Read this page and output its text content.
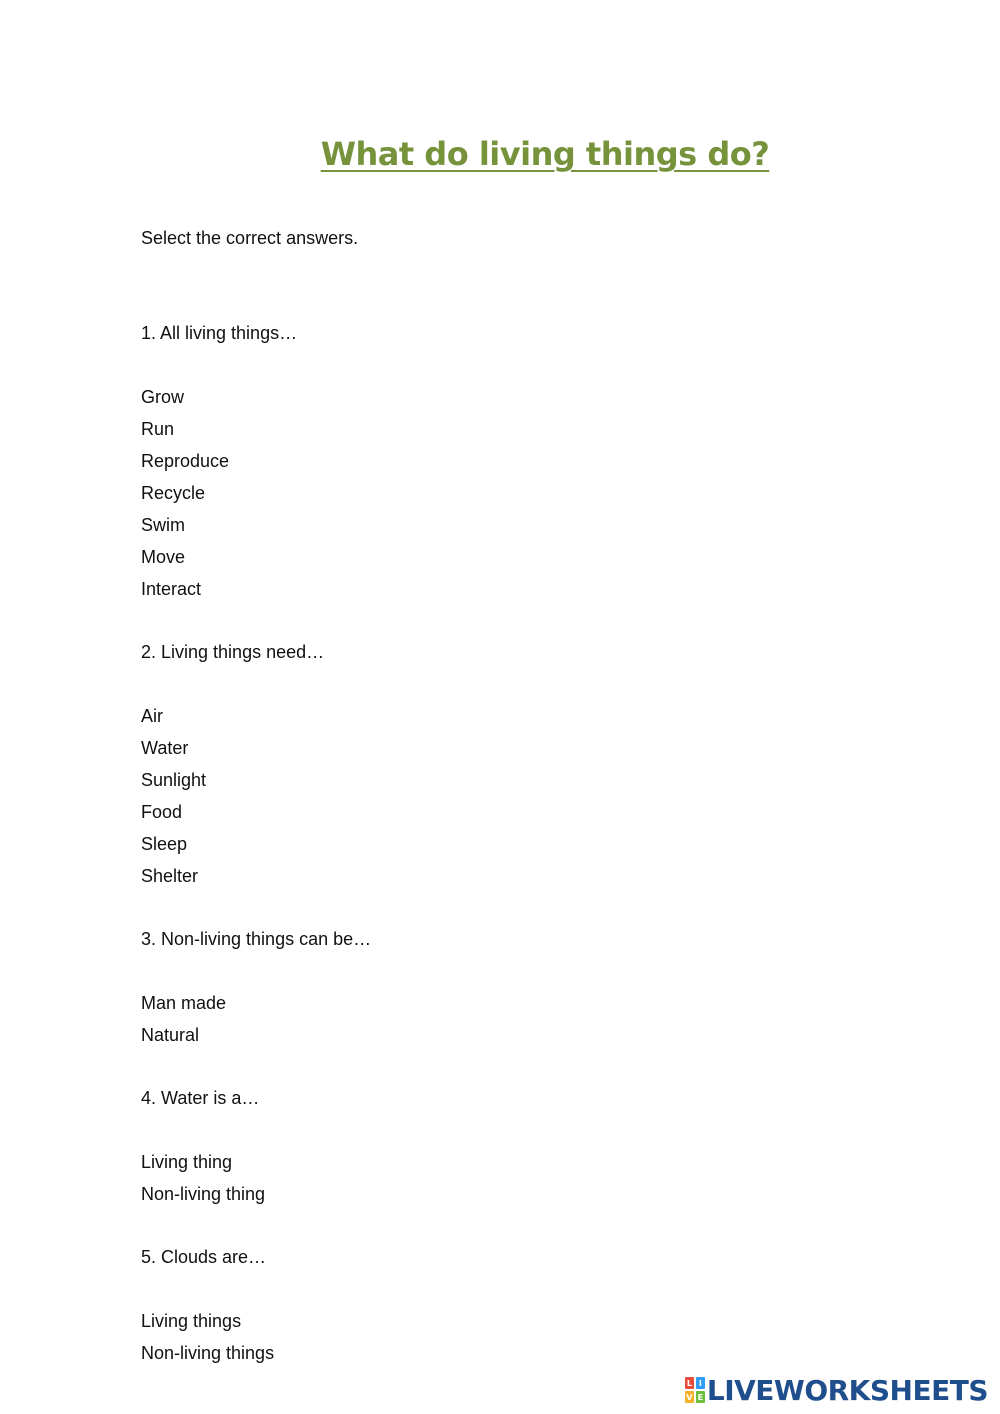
What do living things do?
Select the correct answers.
1. All living things…
Grow
Run
Reproduce
Recycle
Swim
Move
Interact
2. Living things need…
Air
Water
Sunlight
Food
Sleep
Shelter
3. Non-living things can be…
Man made
Natural
4. Water is a…
Living thing
Non-living thing
5. Clouds are…
Living things
Non-living things
L I
V E LIVEWORKSHEETS
